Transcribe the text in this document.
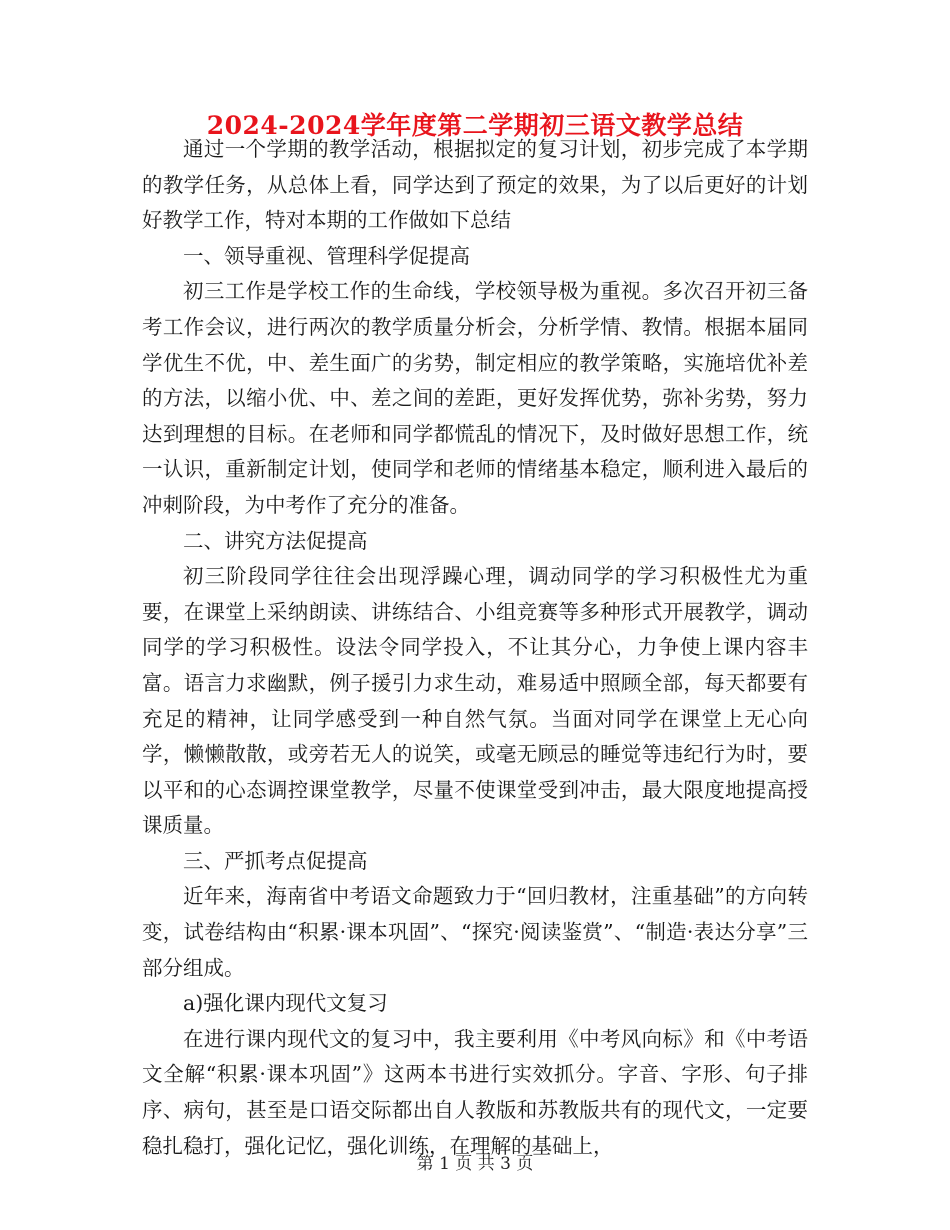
2024-2024学年度第二学期初三语文教学总结

通过一个学期的教学活动，根据拟定的复习计划，初步完成了本学期的教学任务，从总体上看，同学达到了预定的效果，为了以后更好的计划好教学工作，特对本期的工作做如下总结

一、领导重视、管理科学促提高

初三工作是学校工作的生命线，学校领导极为重视。多次召开初三备考工作会议，进行两次的教学质量分析会，分析学情、教情。根据本届同学优生不优，中、差生面广的劣势，制定相应的教学策略，实施培优补差的方法，以缩小优、中、差之间的差距，更好发挥优势，弥补劣势，努力达到理想的目标。在老师和同学都慌乱的情况下，及时做好思想工作，统一认识，重新制定计划，使同学和老师的情绪基本稳定，顺利进入最后的冲刺阶段，为中考作了充分的准备。

二、讲究方法促提高

初三阶段同学往往会出现浮躁心理，调动同学的学习积极性尤为重要，在课堂上采纳朗读、讲练结合、小组竞赛等多种形式开展教学，调动同学的学习积极性。设法令同学投入，不让其分心，力争使上课内容丰富。语言力求幽默，例子援引力求生动，难易适中照顾全部，每天都要有充足的精神，让同学感受到一种自然气氛。当面对同学在课堂上无心向学，懒懒散散，或旁若无人的说笑，或毫无顾忌的睡觉等违纪行为时，要以平和的心态调控课堂教学，尽量不使课堂受到冲击，最大限度地提高授课质量。

三、严抓考点促提高

近年来，海南省中考语文命题致力于“回归教材，注重基础”的方向转变，试卷结构由“积累·课本巩固”、“探究·阅读鉴赏”、“制造·表达分享”三部分组成。

a)强化课内现代文复习

在进行课内现代文的复习中，我主要利用《中考风向标》和《中考语文全解“积累·课本巩固”》这两本书进行实效抓分。字音、字形、句子排序、病句，甚至是口语交际都出自人教版和苏教版共有的现代文，一定要稳扎稳打，强化记忆，强化训练，在理解的基础上，

第 1 页 共 3 页
